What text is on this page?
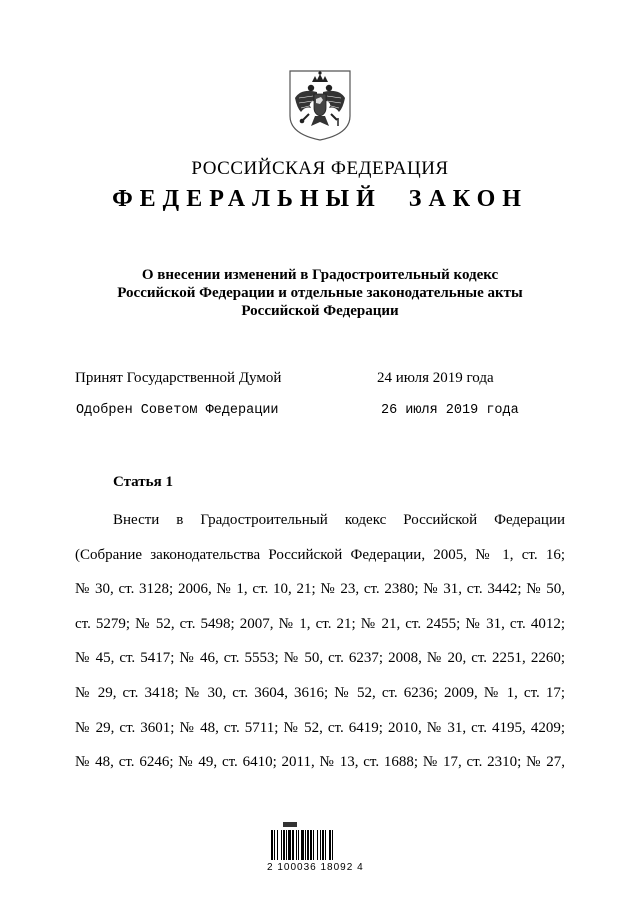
РОССИЙСКАЯ ФЕДЕРАЦИЯ
ФЕДЕРАЛЬНЫЙ ЗАКОН
О внесении изменений в Градостроительный кодекс
Российской Федерации и отдельные законодательные акты
Российской Федерации
Принят Государственной Думой	24 июля 2019 года
Одобрен Советом Федерации	26 июля 2019 года
Статья 1
Внести в Градостроительный кодекс Российской Федерации
(Собрание законодательства Российской Федерации, 2005, № 1, ст. 16;
№ 30, ст. 3128; 2006, № 1, ст. 10, 21; № 23, ст. 2380; № 31, ст. 3442; № 50,
ст. 5279; № 52, ст. 5498; 2007, № 1, ст. 21; № 21, ст. 2455; № 31, ст. 4012;
№ 45, ст. 5417; № 46, ст. 5553; № 50, ст. 6237; 2008, № 20, ст. 2251, 2260;
№ 29, ст. 3418; № 30, ст. 3604, 3616; № 52, ст. 6236; 2009, № 1, ст. 17;
№ 29, ст. 3601; № 48, ст. 5711; № 52, ст. 6419; 2010, № 31, ст. 4195, 4209;
№ 48, ст. 6246; № 49, ст. 6410; 2011, № 13, ст. 1688; № 17, ст. 2310; № 27,
2 100036 18092 4
